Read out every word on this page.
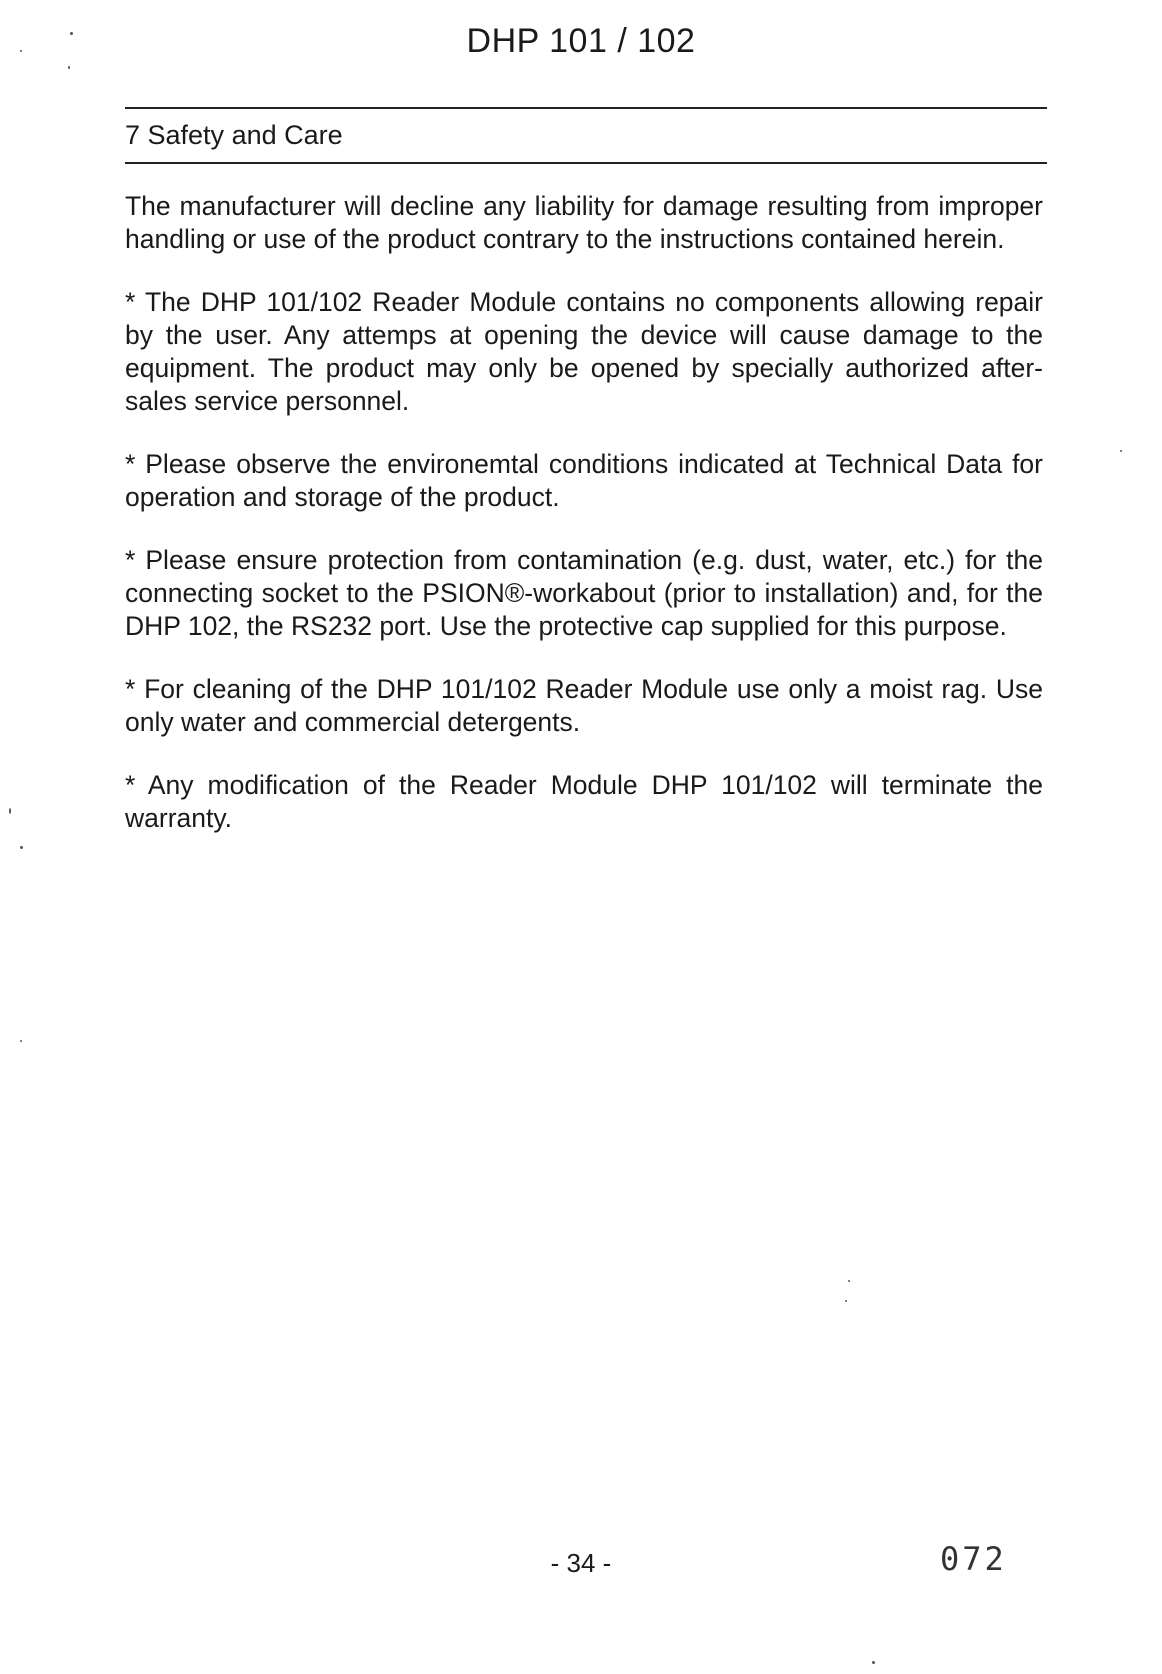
DHP 101 / 102
7 Safety and Care

The manufacturer will decline any liability for damage resulting from improper handling or use of the product contrary to the instructions contained herein.

* The DHP 101/102 Reader Module contains no components allowing repair by the user. Any attemps at opening the device will cause damage to the equipment. The product may only be opened by specially authorized after-sales service personnel.

* Please observe the environemtal conditions indicated at Technical Data for operation and storage of the product.

* Please ensure protection from contamination (e.g. dust, water, etc.) for the connecting socket to the PSION®-workabout (prior to installation) and, for the DHP 102, the RS232 port. Use the protective cap supplied for this purpose.

* For cleaning of the DHP 101/102 Reader Module use only a moist rag. Use only water and commercial detergents.

* Any modification of the Reader Module DHP 101/102 will terminate the warranty.

- 34 -	072
